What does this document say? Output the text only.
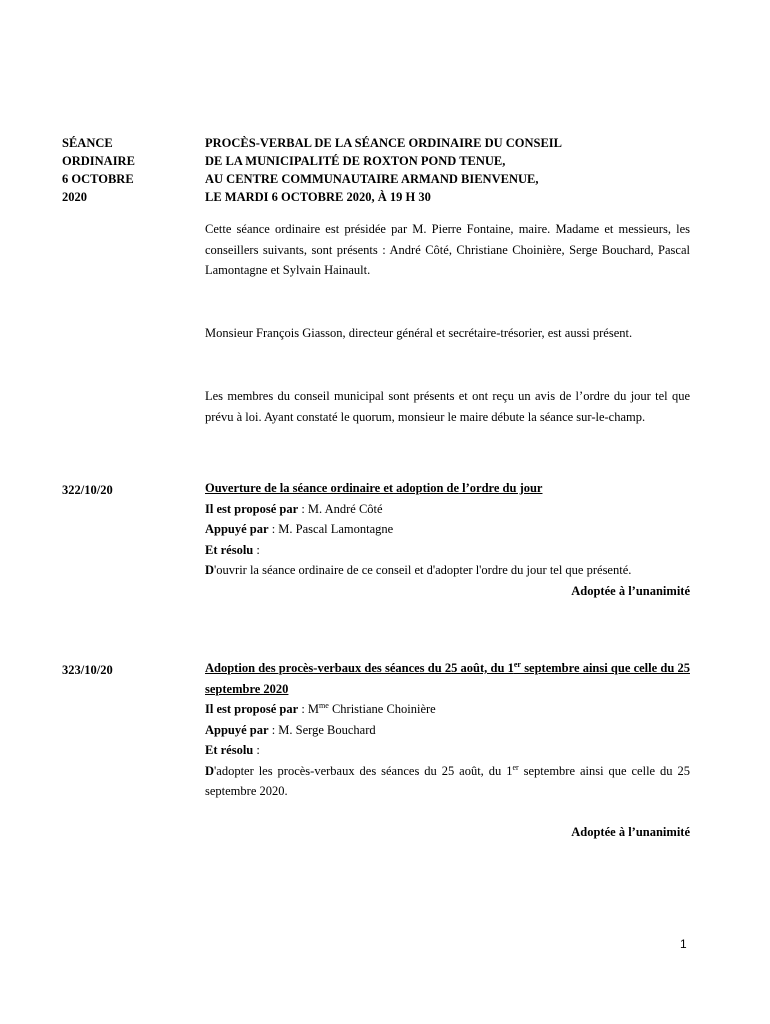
SÉANCE
ORDINAIRE
6 OCTOBRE
2020
PROCÈS-VERBAL DE LA SÉANCE ORDINAIRE DU CONSEIL
DE LA MUNICIPALITÉ DE ROXTON POND TENUE,
AU CENTRE COMMUNAUTAIRE ARMAND BIENVENUE,
LE MARDI 6 OCTOBRE 2020, À 19 H 30

Cette séance ordinaire est présidée par M. Pierre Fontaine, maire. Madame et messieurs, les conseillers suivants, sont présents : André Côté, Christiane Choinière, Serge Bouchard, Pascal Lamontagne et Sylvain Hainault.

Monsieur François Giasson, directeur général et secrétaire-trésorier, est aussi présent.

Les membres du conseil municipal sont présents et ont reçu un avis de l’ordre du jour tel que prévu à loi. Ayant constaté le quorum, monsieur le maire débute la séance sur-le-champ.

322/10/20	Ouverture de la séance ordinaire et adoption de l’ordre du jour

Il est proposé par : M. André Côté

Appuyé par : M. Pascal Lamontagne

Et résolu :

D'ouvrir la séance ordinaire de ce conseil et d'adopter l'ordre du jour tel que présenté.

Adoptée à l’unanimité

323/10/20	Adoption des procès-verbaux des séances du 25 août, du 1er septembre ainsi que celle du 25 septembre 2020

Il est proposé par : $M^{me}$ Christiane Choinière

Appuyé par : M. Serge Bouchard

Et résolu :

D'adopter les procès-verbaux des séances du 25 août, du 1er septembre ainsi que celle du 25 septembre 2020.

Adoptée à l’unanimité

1
